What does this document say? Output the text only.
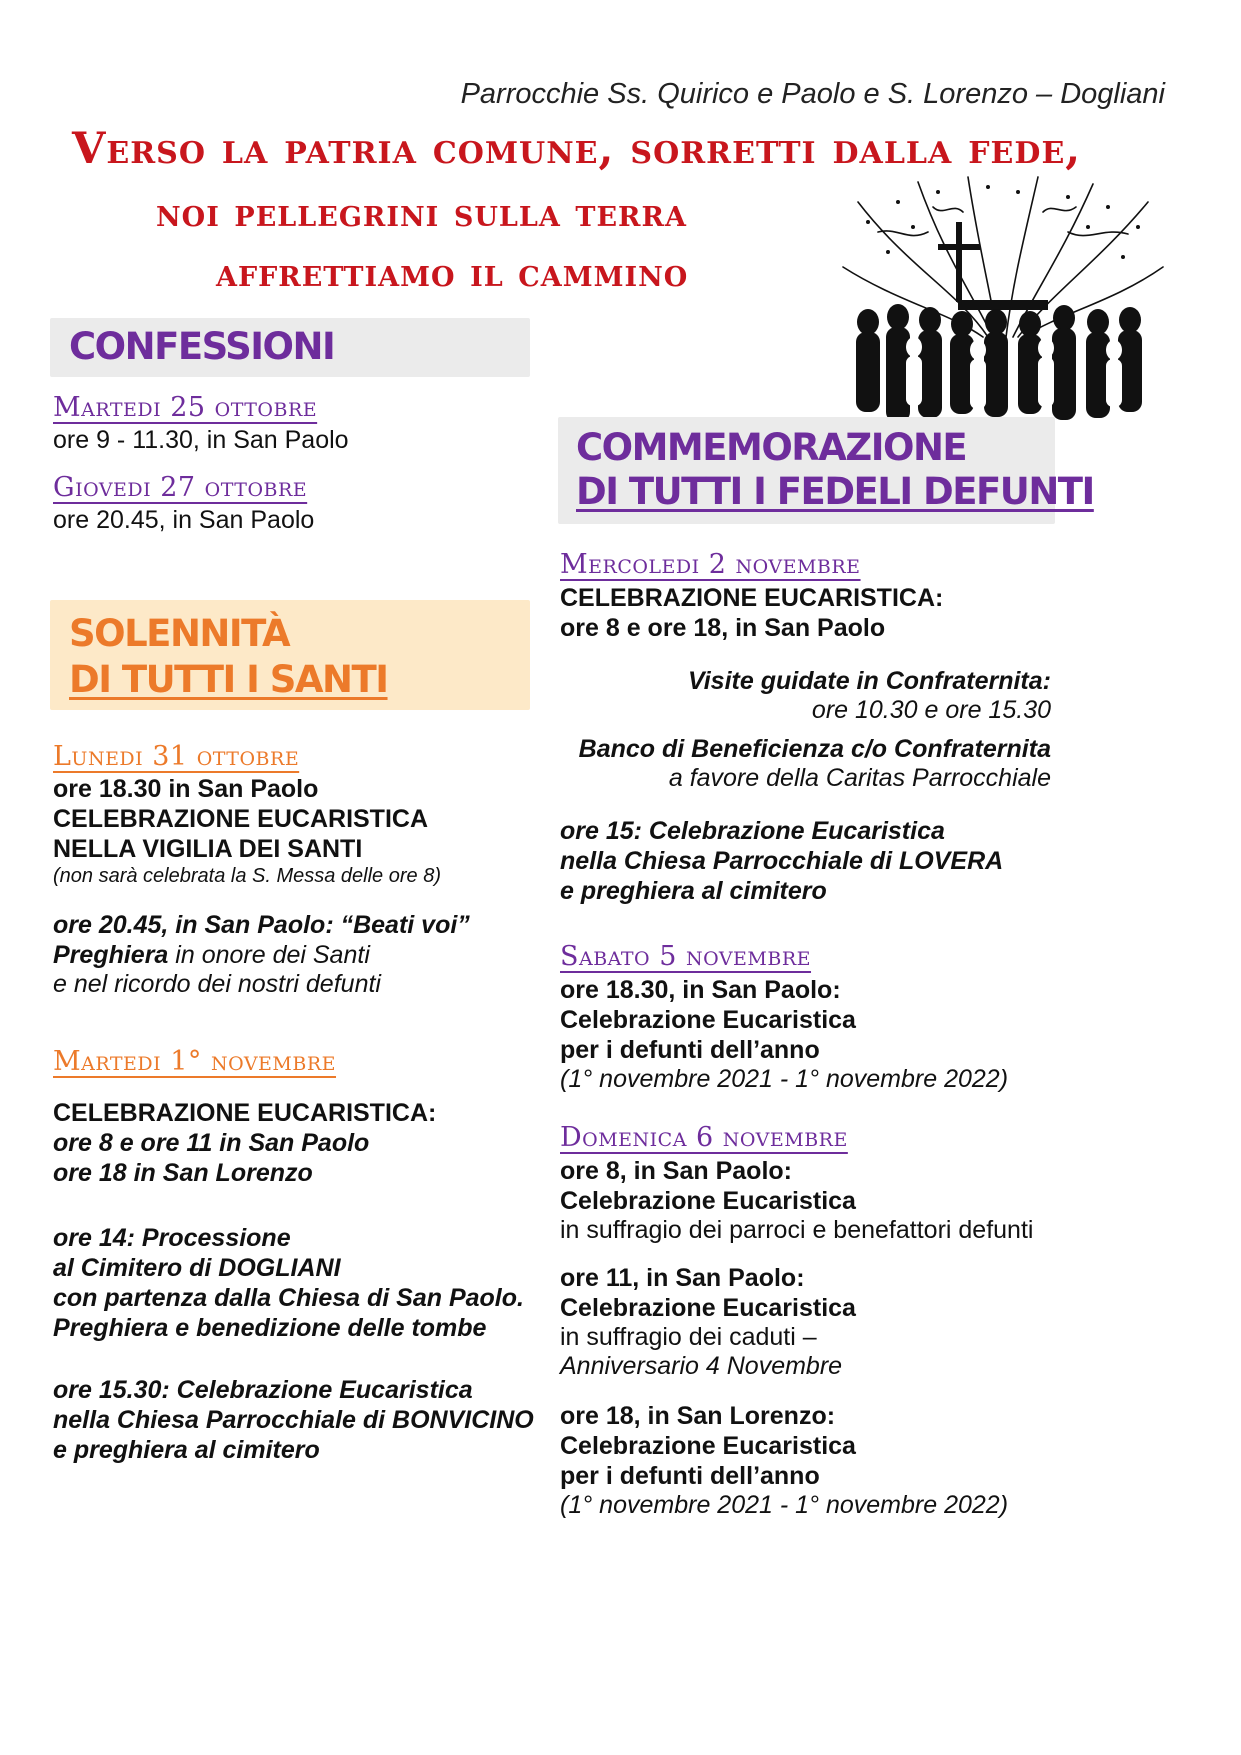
Parrocchie Ss. Quirico e Paolo e S. Lorenzo – Dogliani
Verso la patria comune, sorretti dalla fede,
noi pellegrini sulla terra
affrettiamo il cammino
CONFESSIONI
Martedi 25 ottobre
ore 9 - 11.30, in San Paolo
Giovedi 27 ottobre
ore 20.45, in San Paolo
SOLENNITÀ
DI TUTTI I SANTI
Lunedi 31 ottobre
ore 18.30 in San Paolo
CELEBRAZIONE EUCARISTICA
NELLA VIGILIA DEI SANTI
(non sarà celebrata la S. Messa delle ore 8)
ore 20.45, in San Paolo: “Beati voi”
Preghiera in onore dei Santi
e nel ricordo dei nostri defunti
Martedi 1° novembre
CELEBRAZIONE EUCARISTICA:
ore 8 e ore 11 in San Paolo
ore 18 in San Lorenzo
ore 14: Processione
al Cimitero di DOGLIANI
con partenza dalla Chiesa di San Paolo.
Preghiera e benedizione delle tombe
ore 15.30: Celebrazione Eucaristica
nella Chiesa Parrocchiale di BONVICINO
e preghiera al cimitero
COMMEMORAZIONE
DI TUTTI I FEDELI DEFUNTI
Mercoledi 2 novembre
CELEBRAZIONE EUCARISTICA:
ore 8 e ore 18, in San Paolo
Visite guidate in Confraternita:
ore 10.30 e ore 15.30
Banco di Beneficienza c/o Confraternita
a favore della Caritas Parrocchiale
ore 15: Celebrazione Eucaristica
nella Chiesa Parrocchiale di LOVERA
e preghiera al cimitero
Sabato 5 novembre
ore 18.30, in San Paolo:
Celebrazione Eucaristica
per i defunti dell’anno
(1° novembre 2021 - 1° novembre 2022)
Domenica 6 novembre
ore 8, in San Paolo:
Celebrazione Eucaristica
in suffragio dei parroci e benefattori defunti
ore 11, in San Paolo:
Celebrazione Eucaristica
in suffragio dei caduti –
Anniversario 4 Novembre
ore 18, in San Lorenzo:
Celebrazione Eucaristica
per i defunti dell’anno
(1° novembre 2021 - 1° novembre 2022)
